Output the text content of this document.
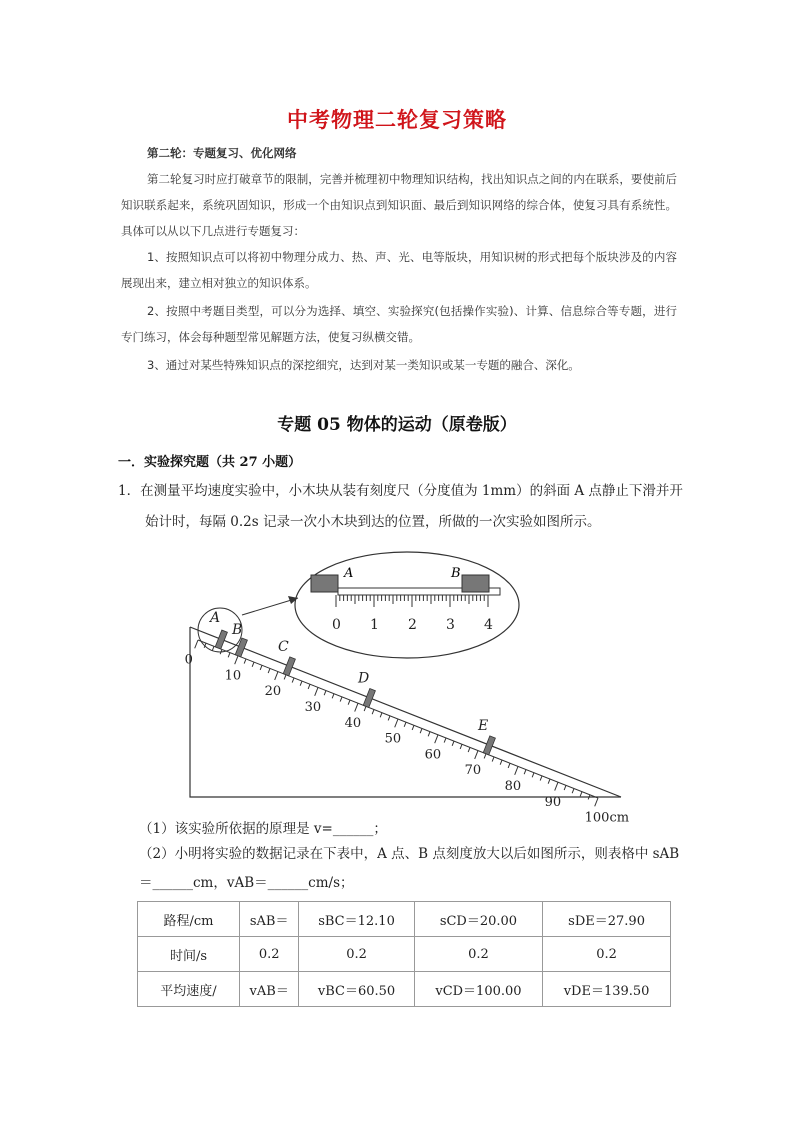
中考物理二轮复习策略
第二轮：专题复习、优化网络
第二轮复习时应打破章节的限制，完善并梳理初中物理知识结构，找出知识点之间的内在联系，要使前后知识联系起来，系统巩固知识，形成一个由知识点到知识面、最后到知识网络的综合体，使复习具有系统性。具体可以从以下几点进行专题复习：
1、按照知识点可以将初中物理分成力、热、声、光、电等版块，用知识树的形式把每个版块涉及的内容展现出来，建立相对独立的知识体系。
2、按照中考题目类型，可以分为选择、填空、实验探究(包括操作实验)、计算、信息综合等专题，进行专门练习，体会每种题型常见解题方法，使复习纵横交错。
3、通过对某些特殊知识点的深挖细究，达到对某一类知识或某一专题的融合、深化。
专题 05 物体的运动（原卷版）
一．实验探究题（共 27 小题）
1．在测量平均速度实验中，小木块从装有刻度尺（分度值为 1mm）的斜面 A 点静止下滑并开始计时，每隔 0.2s 记录一次小木块到达的位置，所做的一次实验如图所示。
0
10
20
30
40
50
60
70
80
90
100cm
A
B
C
D
E
0 1 2 3 4
A	B
（1）该实验所依据的原理是 v=______；
（2）小明将实验的数据记录在下表中，A 点、B 点刻度放大以后如图所示，则表格中 sAB＝______cm，vAB＝______cm/s；
路程/cm	sAB＝	sBC＝12.10	sCD＝20.00	sDE＝27.90
时间/s	0.2	0.2	0.2	0.2
平均速度/	vAB＝	vBC＝60.50	vCD＝100.00	vDE＝139.50
